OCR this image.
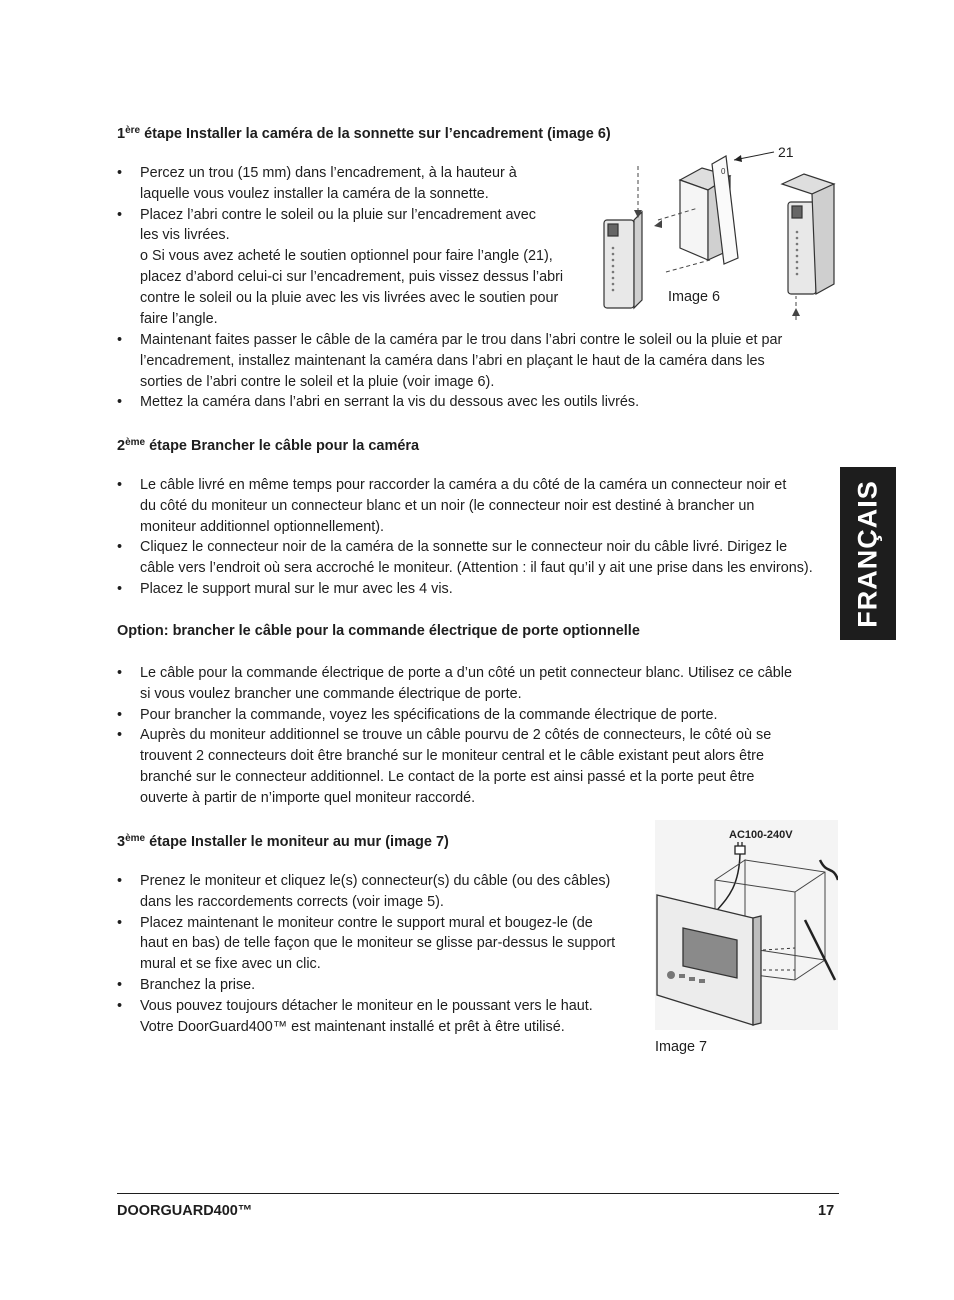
1ère étape Installer la caméra de la sonnette sur l’encadrement (image 6)
• Percez un trou (15 mm) dans l’encadrement, à la hauteur à
laquelle vous voulez installer la caméra de la sonnette.
• Placez l’abri contre le soleil ou la pluie sur l’encadrement avec
les vis livrées.
o Si vous avez acheté le soutien optionnel pour faire l’angle (21),
placez d’abord celui-ci sur l’encadrement, puis vissez dessus l’abri
contre le soleil ou la pluie avec les vis livrées avec le soutien pour
faire l’angle.
• Maintenant faites passer le câble de la caméra par le trou dans l’abri contre le soleil ou la pluie et par
l’encadrement, installez maintenant la caméra dans l’abri en plaçant le haut de la caméra dans les
sorties de l’abri contre le soleil et la pluie (voir image 6).
• Mettez la caméra dans l’abri en serrant la vis du dessous avec les outils livrés.
0
21
Image 6
2ème étape Brancher le câble pour la caméra
• Le câble livré en même temps pour raccorder la caméra a du côté de la caméra un connecteur noir et
du côté du moniteur un connecteur blanc et un noir (le connecteur noir est destiné à brancher un
moniteur additionnel optionnellement).
• Cliquez le connecteur noir de la caméra de la sonnette sur le connecteur noir du câble livré. Dirigez le
câble vers l’endroit où sera accroché le moniteur. (Attention : il faut qu’il y ait une prise dans les environs).
• Placez le support mural sur le mur avec les 4 vis.
Option: brancher le câble pour la commande électrique de porte optionnelle
• Le câble pour la commande électrique de porte a d’un côté un petit connecteur blanc. Utilisez ce câble
si vous voulez brancher une commande électrique de porte.
• Pour brancher la commande, voyez les spécifications de la commande électrique de porte.
• Auprès du moniteur additionnel se trouve un câble pourvu de 2 côtés de connecteurs, le côté où se
trouvent 2 connecteurs doit être branché sur le moniteur central et le câble existant peut alors être
branché sur le connecteur additionnel. Le contact de la porte est ainsi passé et la porte peut être
ouverte à partir de n’importe quel moniteur raccordé.
3ème étape Installer le moniteur au mur (image 7)
• Prenez le moniteur et cliquez le(s) connecteur(s) du câble (ou des câbles)
dans les raccordements corrects (voir image 5).
• Placez maintenant le moniteur contre le support mural et bougez-le (de
haut en bas) de telle façon que le moniteur se glisse par-dessus le support
mural et se fixe avec un clic.
• Branchez la prise.
• Vous pouvez toujours détacher le moniteur en le poussant vers le haut.
Votre DoorGuard400™ est maintenant installé et prêt à être utilisé.
AC100-240V
Image 7
FRANÇAIS
DOORGUARD400™	17
